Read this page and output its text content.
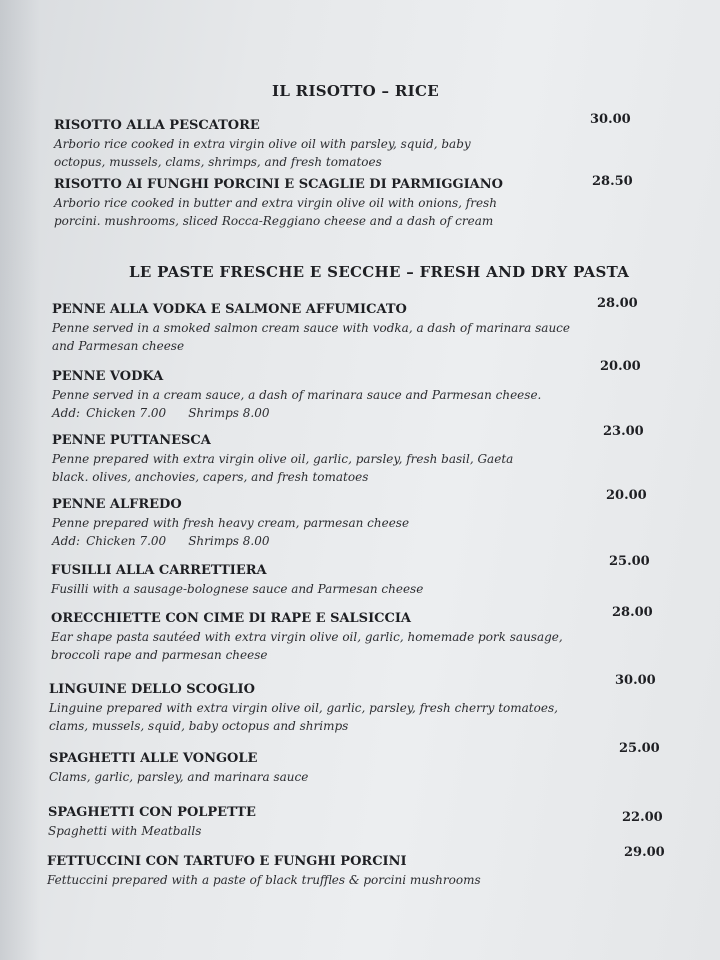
IL RISOTTO – RICE
RISOTTO ALLA PESCATORE
Arborio rice cooked in extra virgin olive oil with parsley, squid, baby octopus, mussels, clams, shrimps, and fresh tomatoes
30.00
RISOTTO AI FUNGHI PORCINI E SCAGLIE DI PARMIGGIANO
Arborio rice cooked in butter and extra virgin olive oil with onions, fresh porcini. mushrooms, sliced Rocca-Reggiano cheese and a dash of cream
28.50
LE PASTE FRESCHE E SECCHE – FRESH AND DRY PASTA
PENNE ALLA VODKA E SALMONE AFFUMICATO
Penne served in a smoked salmon cream sauce with vodka, a dash of marinara sauce and Parmesan cheese
28.00
PENNE VODKA
Penne served in a cream sauce, a dash of marinara sauce and Parmesan cheese.
Add: Chicken 7.00 Shrimps 8.00
20.00
PENNE PUTTANESCA
Penne prepared with extra virgin olive oil, garlic, parsley, fresh basil, Gaeta black. olives, anchovies, capers, and fresh tomatoes
23.00
PENNE ALFREDO
Penne prepared with fresh heavy cream, parmesan cheese
Add: Chicken 7.00 Shrimps 8.00
20.00
FUSILLI ALLA CARRETTIERA
Fusilli with a sausage-bolognese sauce and Parmesan cheese
25.00
ORECCHIETTE CON CIME DI RAPE E SALSICCIA
Ear shape pasta sautéed with extra virgin olive oil, garlic, homemade pork sausage, broccoli rape and parmesan cheese
28.00
LINGUINE DELLO SCOGLIO
Linguine prepared with extra virgin olive oil, garlic, parsley, fresh cherry tomatoes, clams, mussels, squid, baby octopus and shrimps
30.00
SPAGHETTI ALLE VONGOLE
Clams, garlic, parsley, and marinara sauce
25.00
SPAGHETTI CON POLPETTE
Spaghetti with Meatballs
22.00
FETTUCCINI CON TARTUFO E FUNGHI PORCINI
Fettuccini prepared with a paste of black truffles & porcini mushrooms
29.00
